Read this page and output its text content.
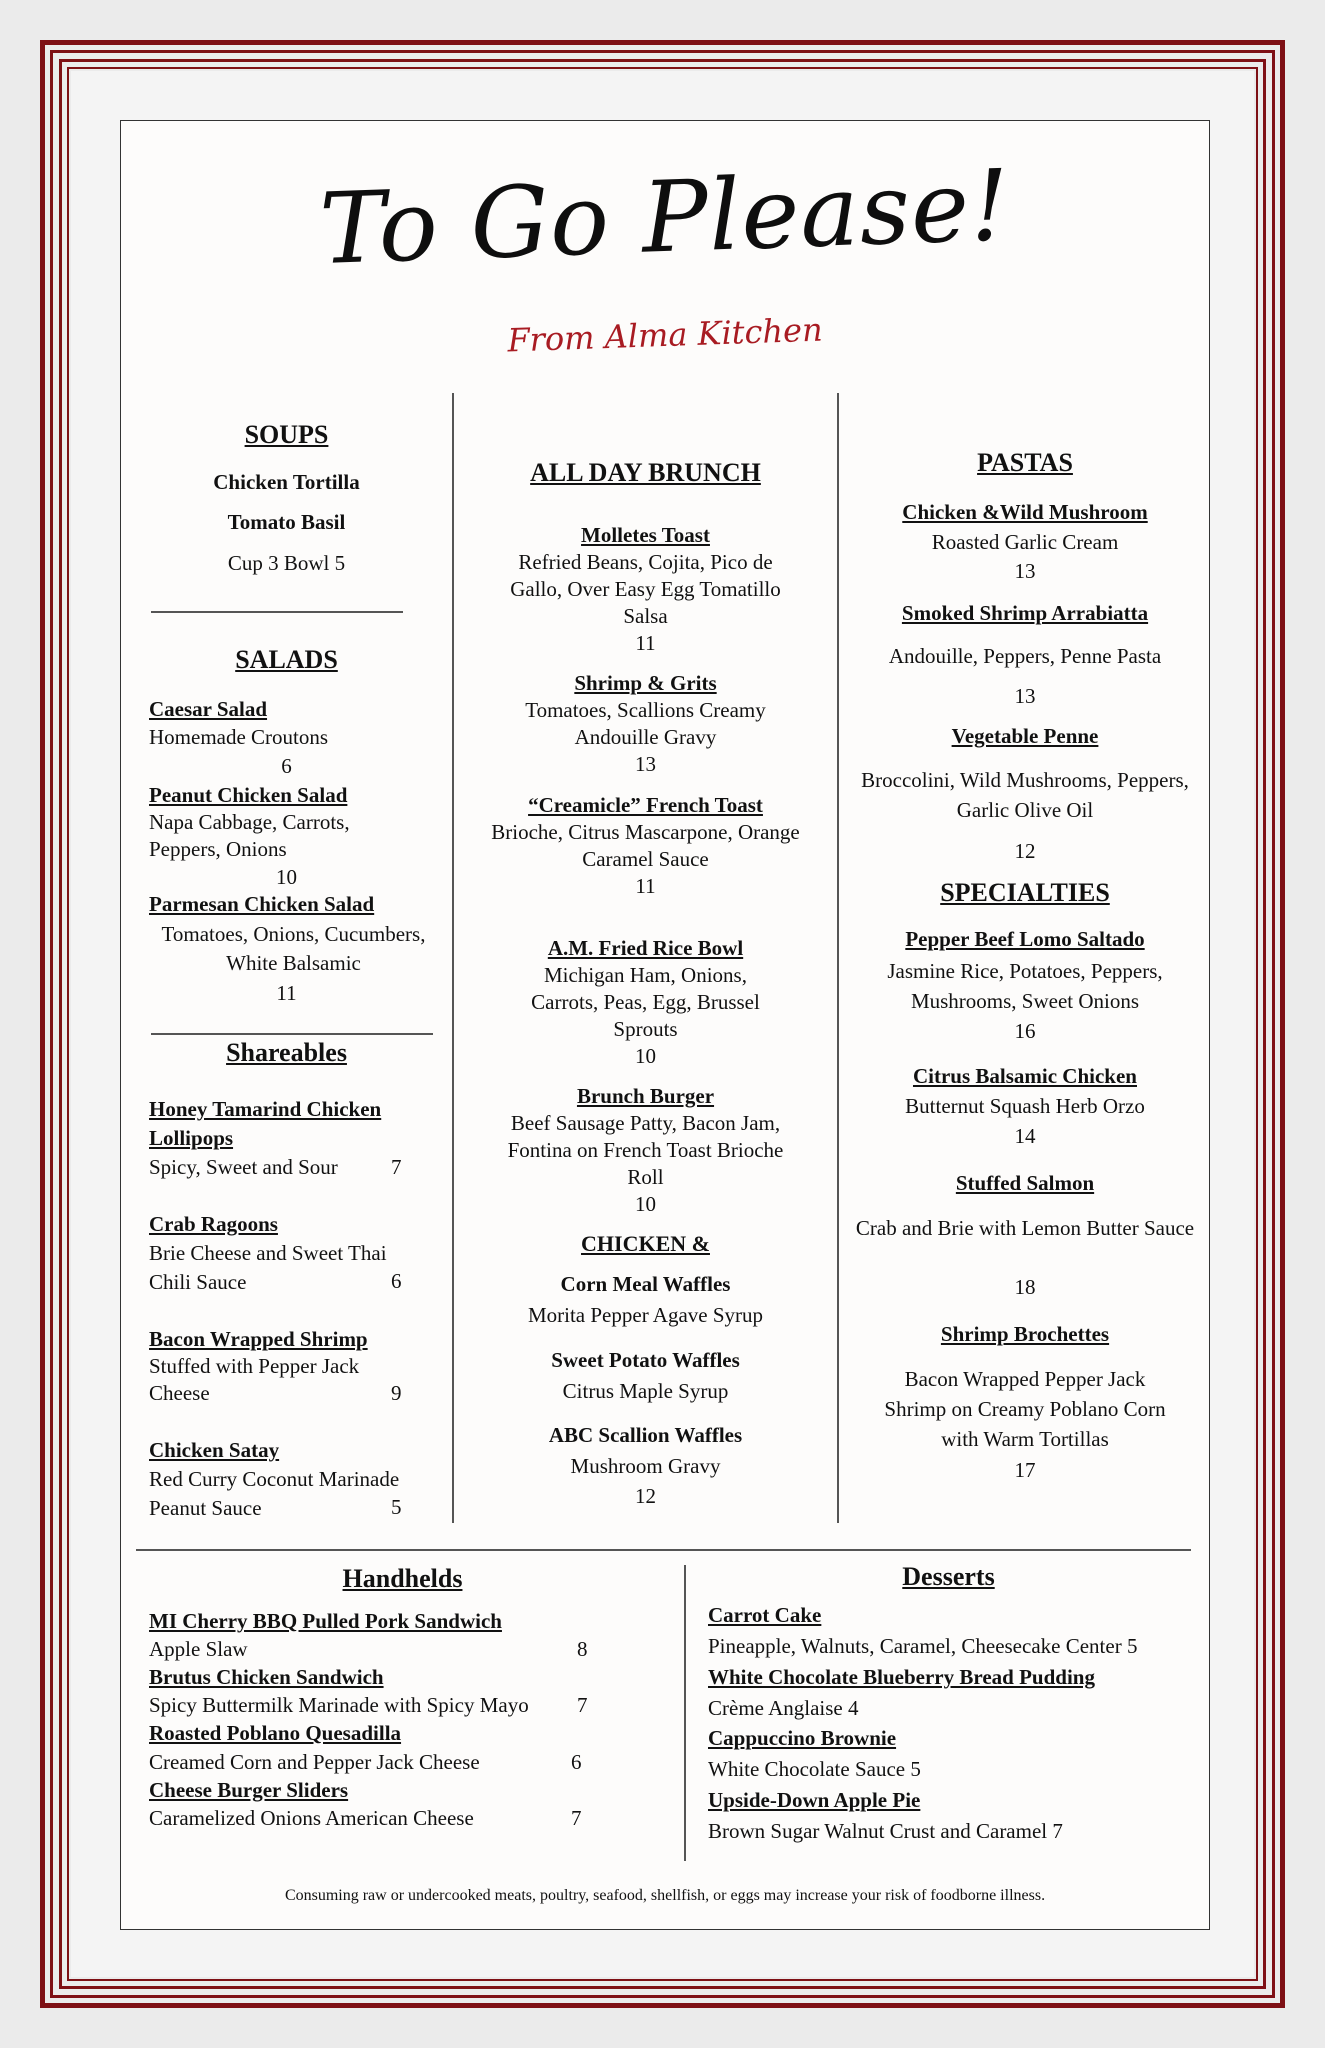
To Go Please!
From Alma Kitchen
SOUPS
Chicken Tortilla
Tomato Basil
Cup 3 Bowl 5
SALADS
Caesar Salad
Homemade Croutons
6
Peanut Chicken Salad
Napa Cabbage, Carrots, Peppers, Onions
10
Parmesan Chicken Salad
Tomatoes, Onions, Cucumbers, White Balsamic
11
Shareables
Honey Tamarind Chicken Lollipops
Spicy, Sweet and Sour	7
Crab Ragoons
Brie Cheese and Sweet Thai Chili Sauce	6
Bacon Wrapped Shrimp
Stuffed with Pepper Jack Cheese	9
Chicken Satay
Red Curry Coconut Marinade Peanut Sauce	5
ALL DAY BRUNCH
Molletes Toast
Refried Beans, Cojita, Pico de Gallo, Over Easy Egg Tomatillo Salsa
11
Shrimp & Grits
Tomatoes, Scallions Creamy Andouille Gravy
13
“Creamicle” French Toast
Brioche, Citrus Mascarpone, Orange Caramel Sauce
11
A.M. Fried Rice Bowl
Michigan Ham, Onions, Carrots, Peas, Egg, Brussel Sprouts
10
Brunch Burger
Beef Sausage Patty, Bacon Jam, Fontina on French Toast Brioche Roll
10
CHICKEN &
Corn Meal Waffles
Morita Pepper Agave Syrup
Sweet Potato Waffles
Citrus Maple Syrup
ABC Scallion Waffles
Mushroom Gravy
12
PASTAS
Chicken &Wild Mushroom
Roasted Garlic Cream
13
Smoked Shrimp Arrabiatta
Andouille, Peppers, Penne Pasta
13
Vegetable Penne
Broccolini, Wild Mushrooms, Peppers, Garlic Olive Oil
12
SPECIALTIES
Pepper Beef Lomo Saltado
Jasmine Rice, Potatoes, Peppers, Mushrooms, Sweet Onions
16
Citrus Balsamic Chicken
Butternut Squash Herb Orzo
14
Stuffed Salmon
Crab and Brie with Lemon Butter Sauce
18
Shrimp Brochettes
Bacon Wrapped Pepper Jack Shrimp on Creamy Poblano Corn with Warm Tortillas
17
Handhelds
MI Cherry BBQ Pulled Pork Sandwich
Apple Slaw	8
Brutus Chicken Sandwich
Spicy Buttermilk Marinade with Spicy Mayo 7
Roasted Poblano Quesadilla
Creamed Corn and Pepper Jack Cheese	6
Cheese Burger Sliders
Caramelized Onions American Cheese	7
Desserts
Carrot Cake
Pineapple, Walnuts, Caramel, Cheesecake Center 5
White Chocolate Blueberry Bread Pudding
Crème Anglaise 4
Cappuccino Brownie
White Chocolate Sauce 5
Upside-Down Apple Pie
Brown Sugar Walnut Crust and Caramel 7
Consuming raw or undercooked meats, poultry, seafood, shellfish, or eggs may increase your risk of foodborne illness.
